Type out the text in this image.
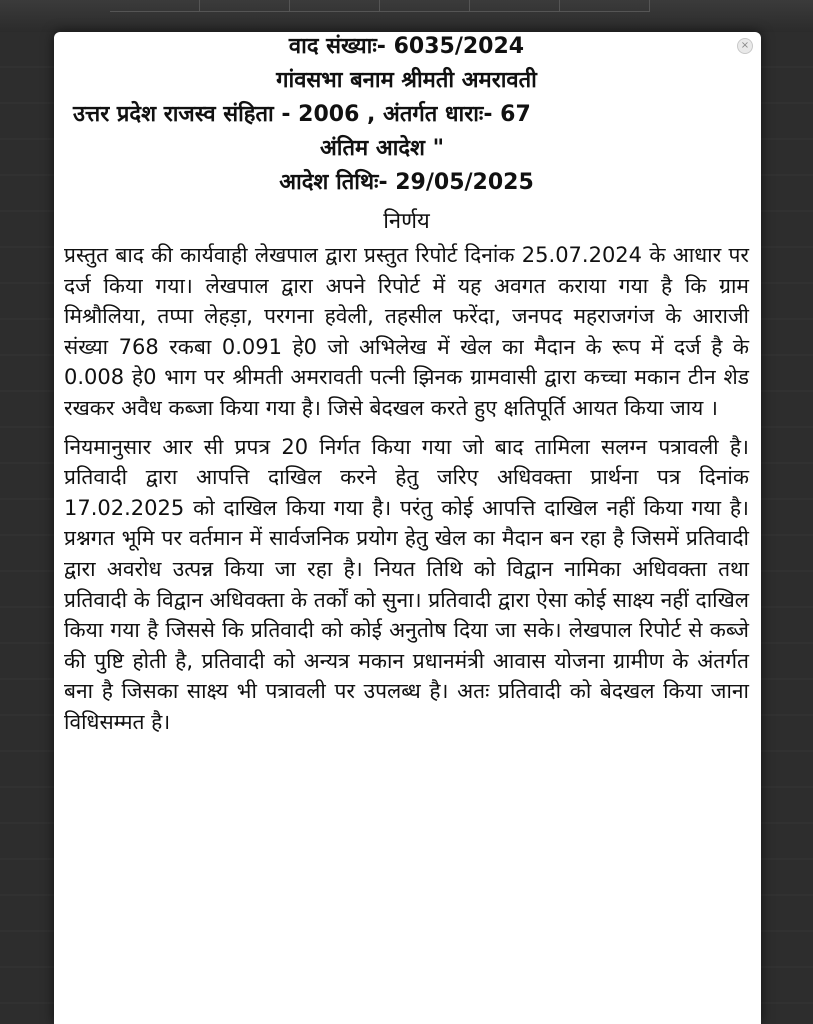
×
वाद संख्याः- 6035/2024
गांवसभा बनाम श्रीमती अमरावती
उत्तर प्रदेश राजस्व संहिता - 2006 , अंतर्गत धाराः- 67
अंतिम आदेश "
आदेश तिथिः- 29/05/2025
निर्णय

प्रस्तुत बाद की कार्यवाही लेखपाल द्वारा प्रस्तुत रिपोर्ट दिनांक 25.07.2024 के आधार पर दर्ज किया गया। लेखपाल द्वारा अपने रिपोर्ट में यह अवगत कराया गया है कि ग्राम मिश्रौलिया, तप्पा लेहड़ा, परगना हवेली, तहसील फरेंदा, जनपद महराजगंज के आराजी संख्या 768 रकबा 0.091 हे0 जो अभिलेख में खेल का मैदान के रूप में दर्ज है के 0.008 हे0 भाग पर श्रीमती अमरावती पत्नी झिनक ग्रामवासी द्वारा कच्चा मकान टीन शेड रखकर अवैध कब्जा किया गया है। जिसे बेदखल करते हुए क्षतिपूर्ति आयत किया जाय ।

नियमानुसार आर सी प्रपत्र 20 निर्गत किया गया जो बाद तामिला सलग्न पत्रावली है। प्रतिवादी द्वारा आपत्ति दाखिल करने हेतु जरिए अधिवक्ता प्रार्थना पत्र दिनांक 17.02.2025 को दाखिल किया गया है। परंतु कोई आपत्ति दाखिल नहीं किया गया है। प्रश्नगत भूमि पर वर्तमान में सार्वजनिक प्रयोग हेतु खेल का मैदान बन रहा है जिसमें प्रतिवादी द्वारा अवरोध उत्पन्न किया जा रहा है। नियत तिथि को विद्वान नामिका अधिवक्ता तथा प्रतिवादी के विद्वान अधिवक्ता के तर्कों को सुना। प्रतिवादी द्वारा ऐसा कोई साक्ष्य नहीं दाखिल किया गया है जिससे कि प्रतिवादी को कोई अनुतोष दिया जा सके। लेखपाल रिपोर्ट से कब्जे की पुष्टि होती है, प्रतिवादी को अन्यत्र मकान प्रधानमंत्री आवास योजना ग्रामीण के अंतर्गत बना है जिसका साक्ष्य भी पत्रावली पर उपलब्ध है। अतः प्रतिवादी को बेदखल किया जाना विधिसम्मत है।
